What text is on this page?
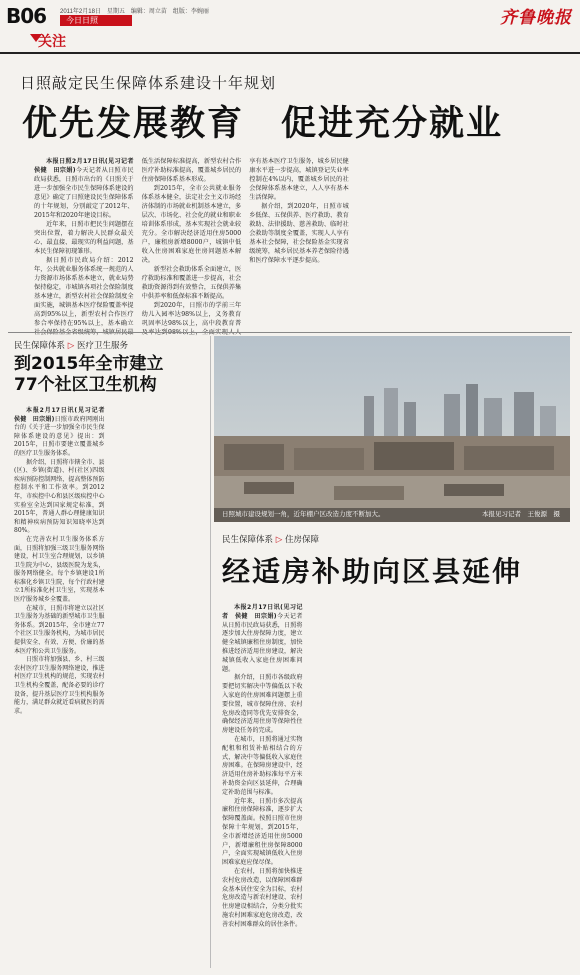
B06 2011年2月18日　星期五　编辑：周立苗　组版：李婉丽
今日日照
关注
齐鲁晚报
日照敲定民生保障体系建设十年规划
优先发展教育　促进充分就业

本报日照2月17日讯(见习记者　侯健　田宗娟)今天记者从日照市民政局获悉，日照市出台的《日照关于进一步加强全市民生保障体系建设的意见》确定了日照建设民生保障体系的十年规划，分别敲定了2012年、2015年和2020年建设目标。

近年来，日照市把民生问题摆在突出位置，着力解决人民群众最关心、最直接、最现实的利益问题，基本民生保障初现雏形。

据日照市民政局介绍：2012年，公共就业服务体系统一规范的人力资源市场体系基本建立，就业局势保持稳定，市城镇各项社会保险制度基本建立，新型农村社会保险制度全面实施，城镇基本医疗保险覆盖率提高到95%以上，新型农村合作医疗参合率保持在95%以上，基本确立 低生活保障标准提高，新型农村合作医疗补助标准提高，覆盖城乡居民的住房保障体系基本形成。

到2015年，全市公共就业服务体系基本健全，法定社会主义市场经济体制的市场就业机制基本建立，多层次、市场化、社会化的就业和职业培训体系形成，基本实现社会就业较充分。全市解决经济适用住房5000户，廉租房新增8000户，城镇中低收入住房困难家庭住房问题基本解决。

新型社会救助体系全面建立，医疗救助标准和覆盖进一步提高，社会救助资源得到有效整合，五保供养集中供养率和低保标准不断提高。

到2020年，日照市的学前三年幼儿入园率达98%以上，义务教育巩固率达98%以上，高中段教育普 享有基本医疗卫生服务，城乡居民健康水平进一步提高，城镇登记失业率控制在4%以内，覆盖城乡居民的社会保障体系基本建立，人人享有基本生活保障。

据介绍，到2020年，日照市城乡低保、五保供养、医疗救助、教育救助、法律援助、慈善救助、临时社会救助等制度全覆盖，实现人人享有基本社会保障，社会保险基金实现省级统筹，城乡居民基本养老保险待遇和医疗保障水平逐步提高。

民生保障体系 ▷ 医疗卫生服务
到2015年全市建立
77个社区卫生机构

本报2月17日讯(见习记者　侯健　田宗娟)日照市政府网刚出台的《关于进一步加强全市民生保障体系建设的意见》提出：到2015年，日照市要建立覆盖城乡的医疗卫生服务体系。

据介绍，日照将市辖全市、县(区)、乡镇(街道)、村(社区)四级疾病预防控制网络，提高整体预防控制水平和工作效率。到2012年，市疾控中心和县区级疾控中心实验室全达到国家规定标准，到2015年，普通人群心理健康知识和精神疾病预防知识知晓率达到80%。

在完善农村卫生服务体系方面，日照将加强三级卫生服务网络建设，村卫生室合理规划，以乡镇卫生院为中心，县级医院为龙头，服务网络健全。每个乡镇建设1所标准化乡镇卫生院，每个行政村建立1所标准化村卫生室，实现基本医疗服务城乡全覆盖。

在城市，日照市将建立以社区卫生服务为基础的新型城市卫生服务体系。到2015年，全市建立77个社区卫生服务机构，为城市居民提供安全、有效、方便、价廉的基本医疗和公共卫生服务。

日照市将加强县、乡、村三级农村医疗卫生服务网络建设，推进村医疗卫生机构的规范，实现农村卫生机构全覆盖，配备必要的诊疗设备，提升基层医疗卫生机构服务能力，满足群众就近看病就医的需求。

日照城市建设规划一角，近年棚户区改造力度不断加大。	本报见习记者　王俊源　摄
民生保障体系 ▷ 住房保障
经适房补助向区县延伸

本报2月17日讯(见习记者　侯健　田宗娟)今天记者从日照市民政局获悉，日照将逐步加大住房保障力度，建立健全城镇廉租住房制度，加快推进经济适用住房建设，解决城镇低收入家庭住房困难问题。

据介绍，日照市各级政府要把切实解决中等偏低以下收入家庭的住房困难问题摆上重要位置，城市保障住房、农村危房改造同等优先安排资金，确保经济适用住房等保障性住房建设任务的完成。

在城市，日照将通过实物配租和租赁补贴相结合的方式，解决中等偏低收入家庭住房困难。在保障房建设中，经济适用住房补助标准每平方米补助资金向区县延伸，合理确定补助范围与标准。

近年来，日照市多次提高廉租住房保障标准，逐步扩大保障覆盖面。按照日照市住房保障十年规划，到2015年，全市新增经济适用住房5000户，新增廉租住房保障8000户，全面实现城镇低收入住房困难家庭应保尽保。

在农村，日照将加快推进农村危房改造，以保障困难群众基本居住安全为目标，农村危房改造与新农村建设、农村住房建设相结合，分类分批实施农村困难家庭危房改造，改善农村困难群众的居住条件。
